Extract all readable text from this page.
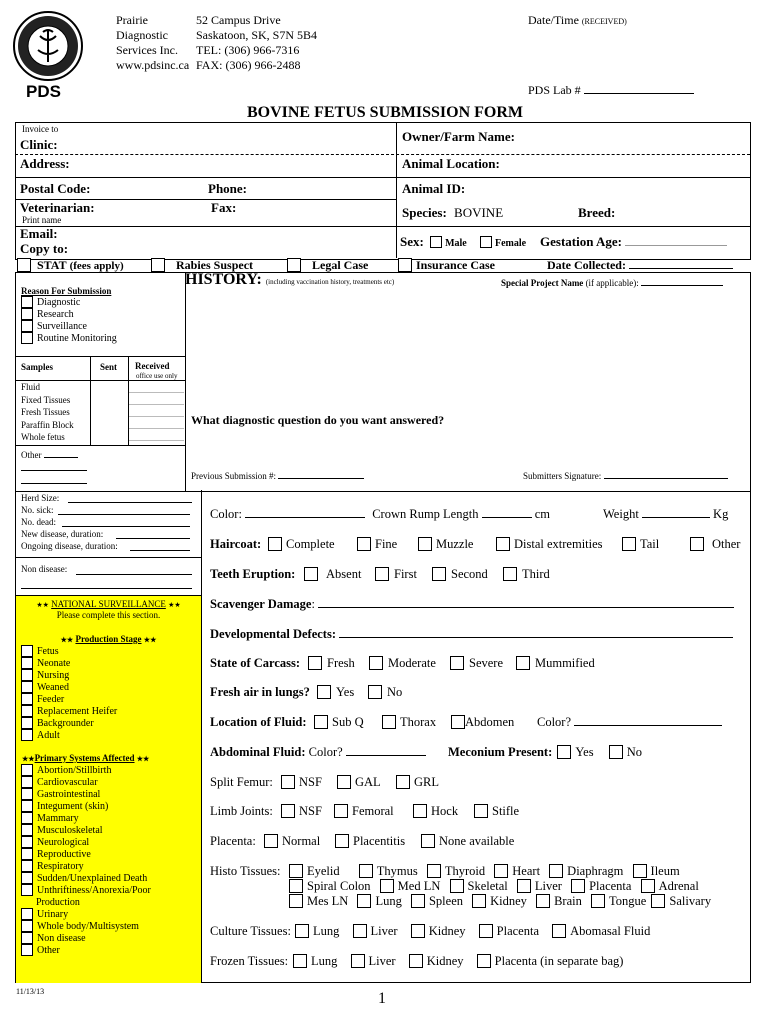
PDS
Prairie
Diagnostic
Services Inc.
www.pdsinc.ca
52 Campus Drive
Saskatoon, SK, S7N 5B4
TEL: (306) 966-7316
FAX: (306) 966-2488
Date/Time (RECEIVED)
PDS Lab #
BOVINE FETUS SUBMISSION FORM
Invoice to
Clinic:
Address:
Postal Code:	Phone:
Veterinarian:	Fax:
Print name
Email:
Copy to:
Owner/Farm Name:
Animal Location:
Animal ID:
Species: BOVINE	Breed:
Sex: Male	Female Gestation Age:
STAT (fees apply)	Rabies Suspect	Legal Case	Insurance Case	Date Collected:
Reason For Submission
Diagnostic
Research
Surveillance
Routine Monitoring
Samples	Sent Received
office use only
Fluid
Fixed Tissues
Fresh Tissues
Paraffin Block
Whole fetus
Other
HISTORY: (including vaccination history, treatments etc)	Special Project Name (if applicable):
What diagnostic question do you want answered?
Previous Submission #:	Submitters Signature:
Herd Size:
No. sick:
No. dead:
New disease, duration:
Ongoing disease, duration:
Non disease:
★★ NATIONAL SURVEILLANCE ★★
Please complete this section.
★★ Production Stage ★★
Fetus
Neonate
Nursing
Weaned
Feeder
Replacement Heifer
Backgrounder
Adult
★★Primary Systems Affected ★★
Abortion/Stillbirth
Cardiovascular
Gastrointestinal
Integument (skin)
Mammary
Musculoskeletal
Neurological
Reproductive
Respiratory
Sudden/Unexplained Death
Unthriftiness/Anorexia/Poor
Production
Urinary
Whole body/Multisystem
Non disease
Other
Color:	Crown Rump Length	cm	Weight	Kg
Haircoat:	Complete	Fine	Muzzle	Distal extremities	Tail	Other
Teeth Eruption:	Absent	First	Second	Third
Scavenger Damage:
Developmental Defects:
State of Carcass:	Fresh	Moderate	Severe	Mummified
Fresh air in lungs?	Yes	No
Location of Fluid:	Sub Q	Thorax	Abdomen Color?
Abdominal Fluid: Color?	Meconium Present: Yes	No
Split Femur:	NSF	GAL	GRL
Limb Joints:	NSF	Femoral	Hock	Stifle
Placenta:	Normal	Placentitis	None available
Histo Tissues:	Eyelid	Thymus Thyroid Heart Diaphragm Ileum
Spiral Colon Med LN Skeletal Liver Placenta Adrenal
Mes LN Lung Spleen Kidney Brain Tongue Salivary
Culture Tissues:	Lung Liver Kidney Placenta Abomasal Fluid
Frozen Tissues:	Lung Liver Kidney Placenta (in separate bag)
11/13/13	1
